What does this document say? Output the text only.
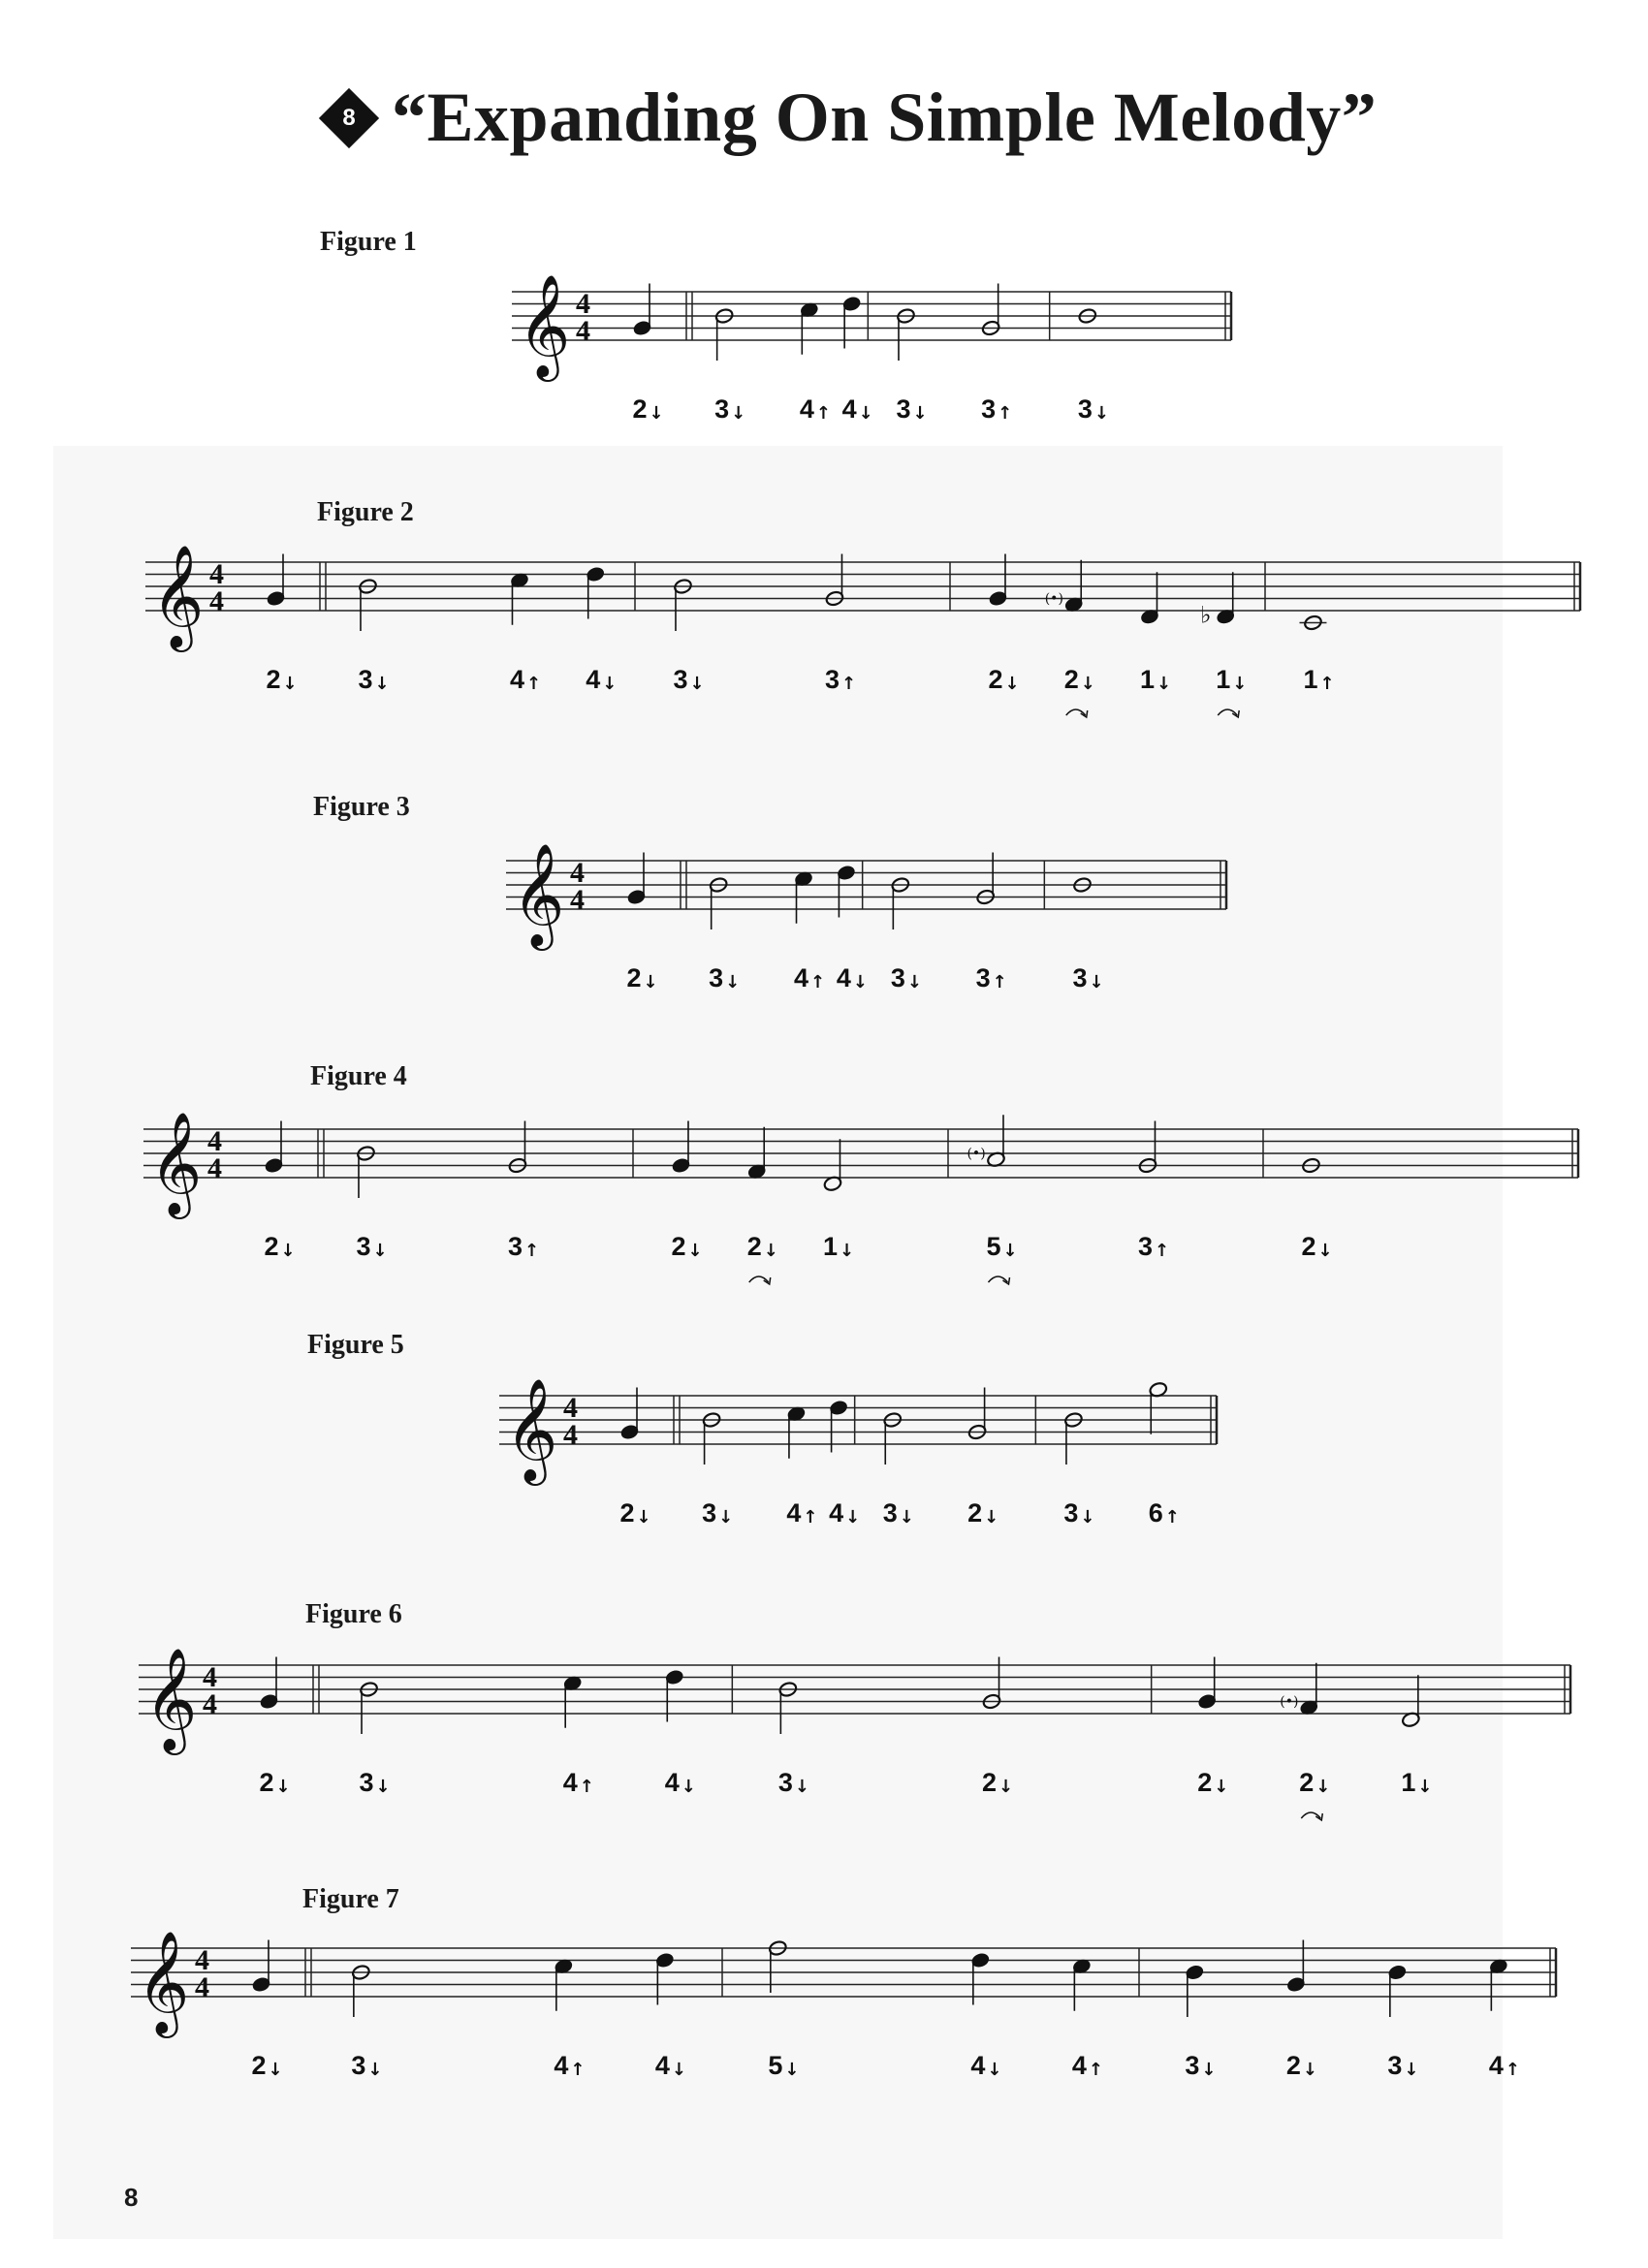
8 “Expanding On Simple Melody”
Figure 1
𝄞 4
4
2 ↓ 3 ↓ 4 ↑ 4 ↓ 3 ↓ 3 ↑	3 ↓
Figure 2
𝄞 4
4
2 ↓ 3 ↓	4 ↑ 4 ↓ 3 ↓	3 ↑	2 ↓
(•)
2 ↓ 1 ↓
♭
1 ↓ 1 ↑
Figure 3
𝄞 4
4
2 ↓ 3 ↓ 4 ↑ 4 ↓ 3 ↓ 3 ↑	3 ↓
Figure 4
𝄞 4
4
2 ↓ 3 ↓	3 ↑	2 ↓ 2 ↓ 1 ↓
(•)
5 ↓	3 ↑	2 ↓
Figure 5
𝄞 4
4
2 ↓ 3 ↓ 4 ↑ 4 ↓ 3 ↓ 2 ↓ 3 ↓ 6 ↑
Figure 6
𝄞 4
4
2 ↓	3 ↓	4 ↑	4 ↓	3 ↓	2 ↓	2 ↓
(•)
2 ↓	1 ↓
Figure 7
𝄞 4
4
2 ↓	3 ↓	4 ↑	4 ↓	5 ↓	4 ↓	4 ↑	3 ↓	2 ↓	3 ↓	4 ↑
8
